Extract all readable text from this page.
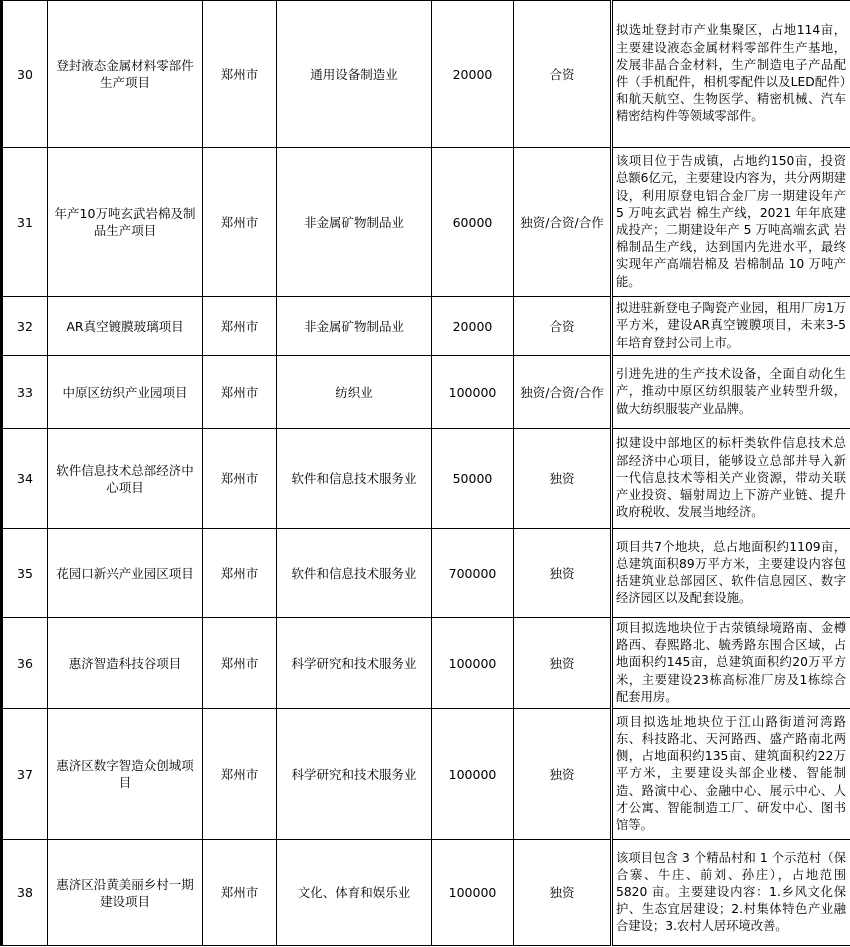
30	登封液态金属材料零部件生产项目	郑州市	通用设备制造业	20000	合资	拟选址登封市产业集聚区，占地114亩，主要建设液态金属材料零部件生产基地，发展非晶合金材料，生产制造电子产品配件（手机配件，相机零配件以及LED配件）和航天航空、生物医学、精密机械、汽车精密结构件等领域零部件。
31	年产10万吨玄武岩棉及制品生产项目	郑州市	非金属矿物制品业	60000	独资/合资/合作	该项目位于告成镇，占地约150亩，投资总额6亿元，主要建设内容为，共分两期建设，利用原登电铝合金厂房一期建设年产 5 万吨玄武岩 棉生产线，2021 年年底建成投产；二期建设年产 5 万吨高端玄武 岩棉制品生产线，达到国内先进水平，最终实现年产高端岩棉及 岩棉制品 10 万吨产能。
32	AR真空镀膜玻璃项目	郑州市	非金属矿物制品业	20000	合资	拟进驻新登电子陶瓷产业园，租用厂房1万平方米，建设AR真空镀膜项目，未来3-5年培育登封公司上市。
33	中原区纺织产业园项目	郑州市	纺织业	100000	独资/合资/合作	引进先进的生产技术设备，全面自动化生产，推动中原区纺织服装产业转型升级，做大纺织服装产业品牌。
34	软件信息技术总部经济中心项目	郑州市	软件和信息技术服务业	50000	独资	拟建设中部地区的标杆类软件信息技术总部经济中心项目，能够设立总部并导入新一代信息技术等相关产业资源，带动关联产业投资、辐射周边上下游产业链、提升政府税收、发展当地经济。
35	花园口新兴产业园区项目	郑州市	软件和信息技术服务业	700000	独资	项目共7个地块，总占地面积约1109亩，总建筑面积89万平方米，主要建设内容包括建筑业总部园区、软件信息园区、数字经济园区以及配套设施。
36	惠济智造科技谷项目	郑州市	科学研究和技术服务业	100000	独资	项目拟选地块位于古荥镇绿境路南、金樽路西、春熙路北、毓秀路东围合区域，占地面积约145亩，总建筑面积约20万平方米，主要建设23栋高标准厂房及1栋综合配套用房。
37	惠济区数字智造众创城项目	郑州市	科学研究和技术服务业	100000	独资	项目拟选址地块位于江山路街道河湾路东、科技路北、天河路西、盛产路南北两侧，占地面积约135亩、建筑面积约22万平方米，主要建设头部企业楼、智能制造、路演中心、金融中心、展示中心、人才公寓、智能制造工厂、研发中心、图书馆等。
38	惠济区沿黄美丽乡村一期建设项目	郑州市	文化、体育和娱乐业	100000	独资	该项目包含 3 个精品村和 1 个示范村（保合寨、牛庄、前刘、孙庄），占地范围 5820 亩。主要建设内容：1.乡风文化保护、生态宜居建设；2.村集体特色产业融合建设；3.农村人居环境改善。
